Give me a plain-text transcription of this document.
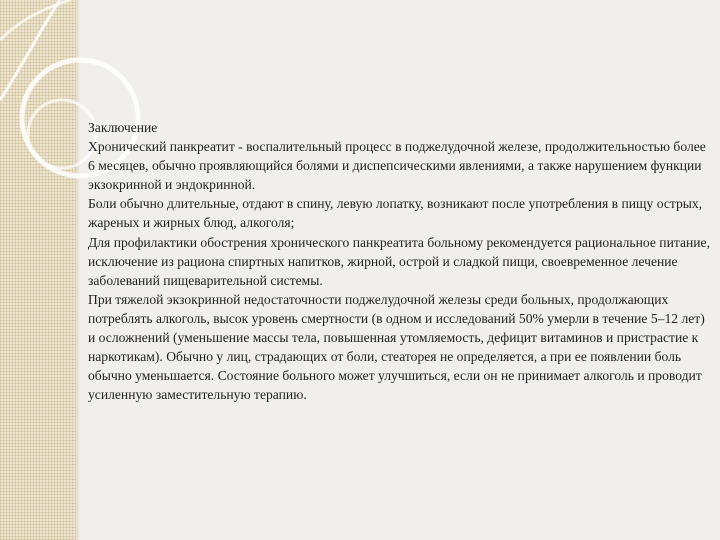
Заключение

Хронический панкреатит - воспалительный процесс в поджелудочной железе, продолжительностью более 6 месяцев, обычно проявляющийся болями и диспепсическими явлениями, а также нарушением функции экзокринной и эндокринной.

Боли обычно длительные, отдают в спину, левую лопатку, возникают после употребления в пищу острых, жареных и жирных блюд, алкоголя;

Для профилактики обострения хронического панкреатита больному рекомендуется рациональное питание, исключение из рациона спиртных напитков, жирной, острой и сладкой пищи, своевременное лечение заболеваний пищеварительной системы.

При тяжелой экзокринной недостаточности поджелудочной железы среди больных, продолжающих потреблять алкоголь, высок уровень смертности (в одном и исследований 50% умерли в течение 5–12 лет) и осложнений (уменьшение массы тела, повышенная утомляемость, дефицит витаминов и пристрастие к наркотикам). Обычно у лиц, страдающих от боли, стеаторея не определяется, а при ее появлении боль обычно уменьшается. Состояние больного может улучшиться, если он не принимает алкоголь и проводит усиленную заместительную терапию.
